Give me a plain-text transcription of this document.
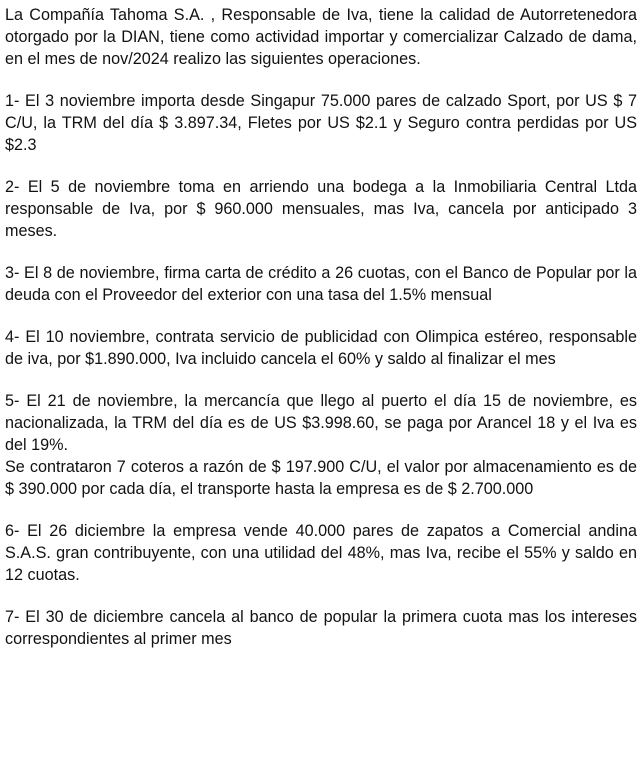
La Compañía Tahoma S.A. , Responsable de Iva, tiene la calidad de Autorretenedora otorgado por la DIAN, tiene como actividad importar y comercializar Calzado de dama, en el mes de nov/2024 realizo las siguientes operaciones.

1- El 3 noviembre importa desde Singapur 75.000 pares de calzado Sport, por US $ 7 C/U, la TRM del día $ 3.897.34, Fletes por US $2.1 y Seguro contra perdidas por US $2.3

2- El 5 de noviembre toma en arriendo una bodega a la Inmobiliaria Central Ltda responsable de Iva, por $ 960.000 mensuales, mas Iva, cancela por anticipado 3 meses.

3- El 8 de noviembre, firma carta de crédito a 26 cuotas, con el Banco de Popular por la deuda con el Proveedor del exterior con una tasa del 1.5% mensual

4- El 10 noviembre, contrata servicio de publicidad con Olimpica estéreo, responsable de iva, por $1.890.000, Iva incluido cancela el 60% y saldo al finalizar el mes

5- El 21 de noviembre, la mercancía que llego al puerto el día 15 de noviembre, es nacionalizada, la TRM del día es de US $3.998.60, se paga por Arancel 18 y el Iva es del 19%.

Se contrataron 7 coteros a razón de $ 197.900 C/U, el valor por almacenamiento es de $ 390.000 por cada día, el transporte hasta la empresa es de $ 2.700.000

6- El 26 diciembre la empresa vende 40.000 pares de zapatos a Comercial andina S.A.S. gran contribuyente, con una utilidad del 48%, mas Iva, recibe el 55% y saldo en 12 cuotas.

7- El 30 de diciembre cancela al banco de popular la primera cuota mas los intereses correspondientes al primer mes
